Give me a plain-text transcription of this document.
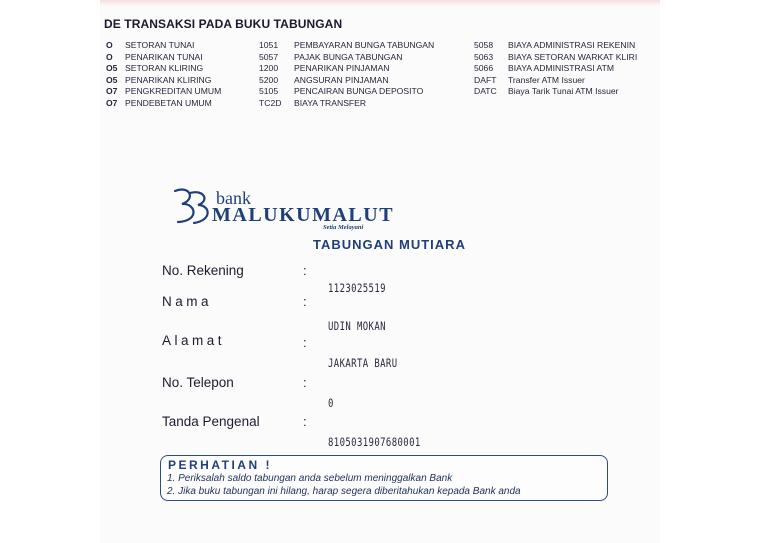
DE TRANSAKSI PADA BUKU TABUNGAN
O	SETORAN TUNAI
O	PENARIKAN TUNAI
O5 SETORAN KLIRING
O5 PENARIKAN KLIRING
O7 PENGKREDITAN UMUM
O7 PENDEBETAN UMUM
1051	PEMBAYARAN BUNGA TABUNGAN
5057	PAJAK BUNGA TABUNGAN
1200	PENARIKAN PINJAMAN
5200	ANGSURAN PINJAMAN
5105	PENCAIRAN BUNGA DEPOSITO
TC2D	BIAYA TRANSFER
5058	BIAYA ADMINISTRASI REKENIN
5063	BIAYA SETORAN WARKAT KLIRI
5066	BIAYA ADMINISTRASI ATM
DAFT	Transfer ATM Issuer
DATC	Biaya Tarik Tunai ATM Issuer
bank
MALUKUMALUT
Setia Melayani
TABUNGAN MUTIARA
No. Rekening	:
1123025519
Nama	:
UDIN MOKAN
Alamat	:
JAKARTA BARU
No. Telepon	:
0
Tanda Pengenal	:
8105031907680001
PERHATIAN !
1. Periksalah saldo tabungan anda sebelum meninggalkan Bank
2. Jika buku tabungan ini hilang, harap segera diberitahukan kepada Bank anda
